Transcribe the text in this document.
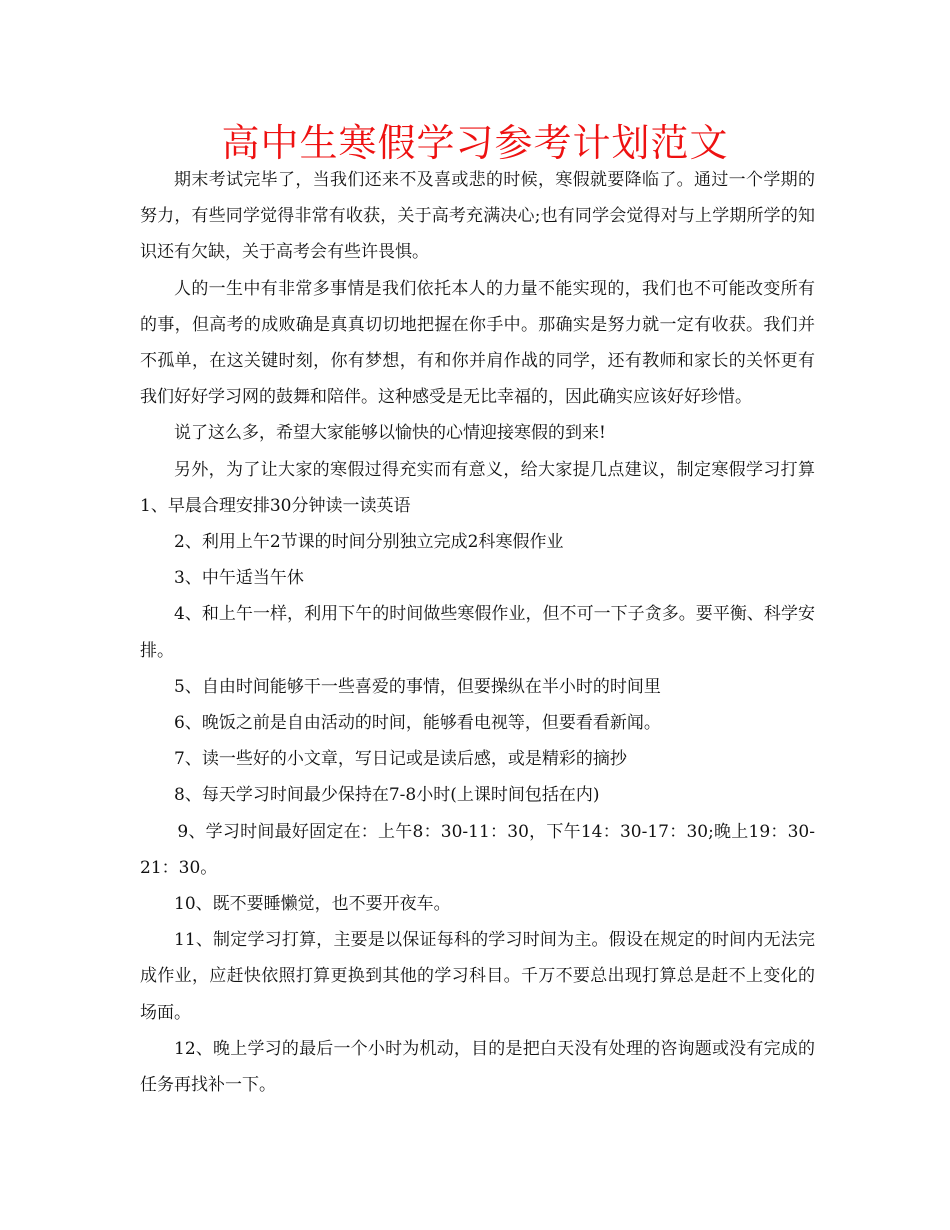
高中生寒假学习参考计划范文

期末考试完毕了，当我们还来不及喜或悲的时候，寒假就要降临了。通过一个学期的努力，有些同学觉得非常有收获，关于高考充满决心;也有同学会觉得对与上学期所学的知识还有欠缺，关于高考会有些许畏惧。

人的一生中有非常多事情是我们依托本人的力量不能实现的，我们也不可能改变所有的事，但高考的成败确是真真切切地把握在你手中。那确实是努力就一定有收获。我们并不孤单，在这关键时刻，你有梦想，有和你并肩作战的同学，还有教师和家长的关怀更有我们好好学习网的鼓舞和陪伴。这种感受是无比幸福的，因此确实应该好好珍惜。

说了这么多，希望大家能够以愉快的心情迎接寒假的到来!

另外，为了让大家的寒假过得充实而有意义，给大家提几点建议，制定寒假学习打算　　1、早晨合理安排30分钟读一读英语

2、利用上午2节课的时间分别独立完成2科寒假作业

3、中午适当午休

4、和上午一样，利用下午的时间做些寒假作业，但不可一下子贪多。要平衡、科学安排。

5、自由时间能够干一些喜爱的事情，但要操纵在半小时的时间里

6、晚饭之前是自由活动的时间，能够看电视等，但要看看新闻。

7、读一些好的小文章，写日记或是读后感，或是精彩的摘抄

8、每天学习时间最少保持在7-8小时(上课时间包括在内)

9、学习时间最好固定在：上午8：30-11：30，下午14：30-17：30;晚上19：30-21：30。

10、既不要睡懒觉，也不要开夜车。

11、制定学习打算，主要是以保证每科的学习时间为主。假设在规定的时间内无法完成作业，应赶快依照打算更换到其他的学习科目。千万不要总出现打算总是赶不上变化的场面。

12、晚上学习的最后一个小时为机动，目的是把白天没有处理的咨询题或没有完成的任务再找补一下。
